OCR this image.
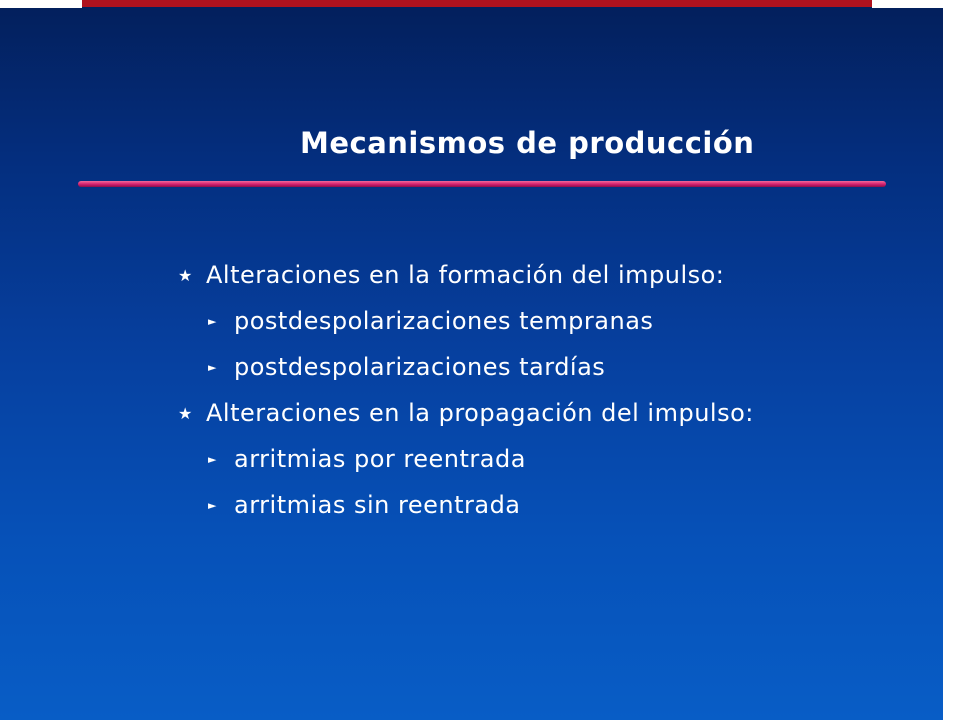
Mecanismos de producción
★ Alteraciones en la formación del impulso:
► postdespolarizaciones tempranas
► postdespolarizaciones tardías
★ Alteraciones en la propagación del impulso:
► arritmias por reentrada
► arritmias sin reentrada
